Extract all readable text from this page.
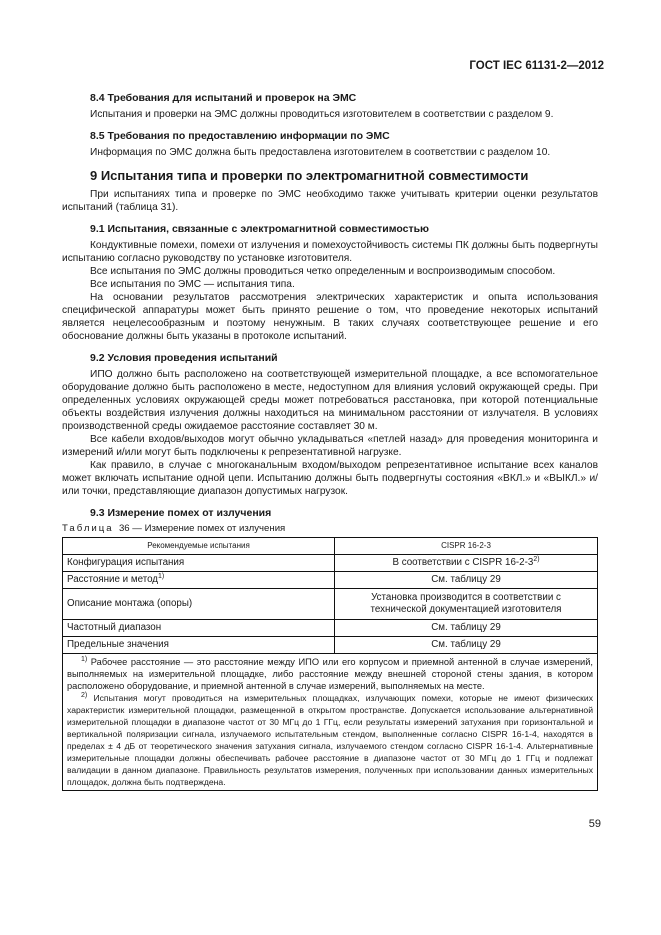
ГОСТ IEC 61131-2—2012
8.4 Требования для испытаний и проверок на ЭМС

Испытания и проверки на ЭМС должны проводиться изготовителем в соответствии с разделом 9.

8.5 Требования по предоставлению информации по ЭМС

Информация по ЭМС должна быть предоставлена изготовителем в соответствии с разделом 10.

9 Испытания типа и проверки по электромагнитной совместимости

При испытаниях типа и проверке по ЭМС необходимо также учитывать критерии оценки результатов испытаний (таблица 31).

9.1 Испытания, связанные с электромагнитной совместимостью

Кондуктивные помехи, помехи от излучения и помехоустойчивость системы ПК должны быть подвергнуты испытанию согласно руководству по установке изготовителя.

Все испытания по ЭМС должны проводиться четко определенным и воспроизводимым способом.

Все испытания по ЭМС — испытания типа.

На основании результатов рассмотрения электрических характеристик и опыта использования специфической аппаратуры может быть принято решение о том, что проведение некоторых испытаний является нецелесообразным и поэтому ненужным. В таких случаях соответствующее решение и его обоснование должны быть указаны в протоколе испытаний.

9.2 Условия проведения испытаний

ИПО должно быть расположено на соответствующей измерительной площадке, а все вспомогательное оборудование должно быть расположено в месте, недоступном для влияния условий окружающей среды. При определенных условиях окружающей среды может потребоваться расстановка, при которой потенциальные объекты воздействия излучения должны находиться на минимальном расстоянии от излучателя. В условиях производственной среды ожидаемое расстояние составляет 30 м.

Все кабели входов/выходов могут обычно укладываться «петлей назад» для проведения мониторинга и измерений и/или могут быть подключены к репрезентативной нагрузке.

Как правило, в случае с многоканальным входом/выходом репрезентативное испытание всех каналов может включать испытание одной цепи. Испытанию должны быть подвергнуты состояния «ВКЛ.» и «ВЫКЛ.» и/или точки, представляющие диапазон допустимых нагрузок.

9.3 Измерение помех от излучения
Таблица 36 — Измерение помех от излучения
Рекомендуемые испытания	CISPR 16-2-3
Конфигурация испытания	В соответствии с CISPR 16-2-3$^{2)}$
Расстояние и метод$^{1)}$	См. таблицу 29
Описание монтажа (опоры)	Установка производится в соответствии с технической документацией изготовителя
Частотный диапазон	См. таблицу 29
Предельные значения	См. таблицу 29

$^{1)}$ Рабочее расстояние — это расстояние между ИПО или его корпусом и приемной антенной в случае измерений, выполняемых на измерительной площадке, либо расстояние между внешней стороной стены здания, в котором расположено оборудование, и приемной антенной в случае измерений, выполняемых на месте.

$^{2)}$ Испытания могут проводиться на измерительных площадках, излучающих помехи, которые не имеют физических характеристик измерительной площадки, размещенной в открытом пространстве. Допускается использование альтернативной измерительной площадки в диапазоне частот от 30 МГц до 1 ГГц, если результаты измерений затухания при горизонтальной и вертикальной поляризации сигнала, излучаемого испытательным стендом, выполненные согласно CISPR 16-1-4, находятся в пределах ± 4 дБ от теоретического значения затухания сигнала, излучаемого стендом согласно CISPR 16-1-4. Альтернативные измерительные площадки должны обеспечивать рабочее расстояние в диапазоне частот от 30 МГц до 1 ГГц и подлежат валидации в данном диапазоне. Правильность результатов измерения, полученных при использовании данных измерительных площадок, должна быть подтверждена.	

59
